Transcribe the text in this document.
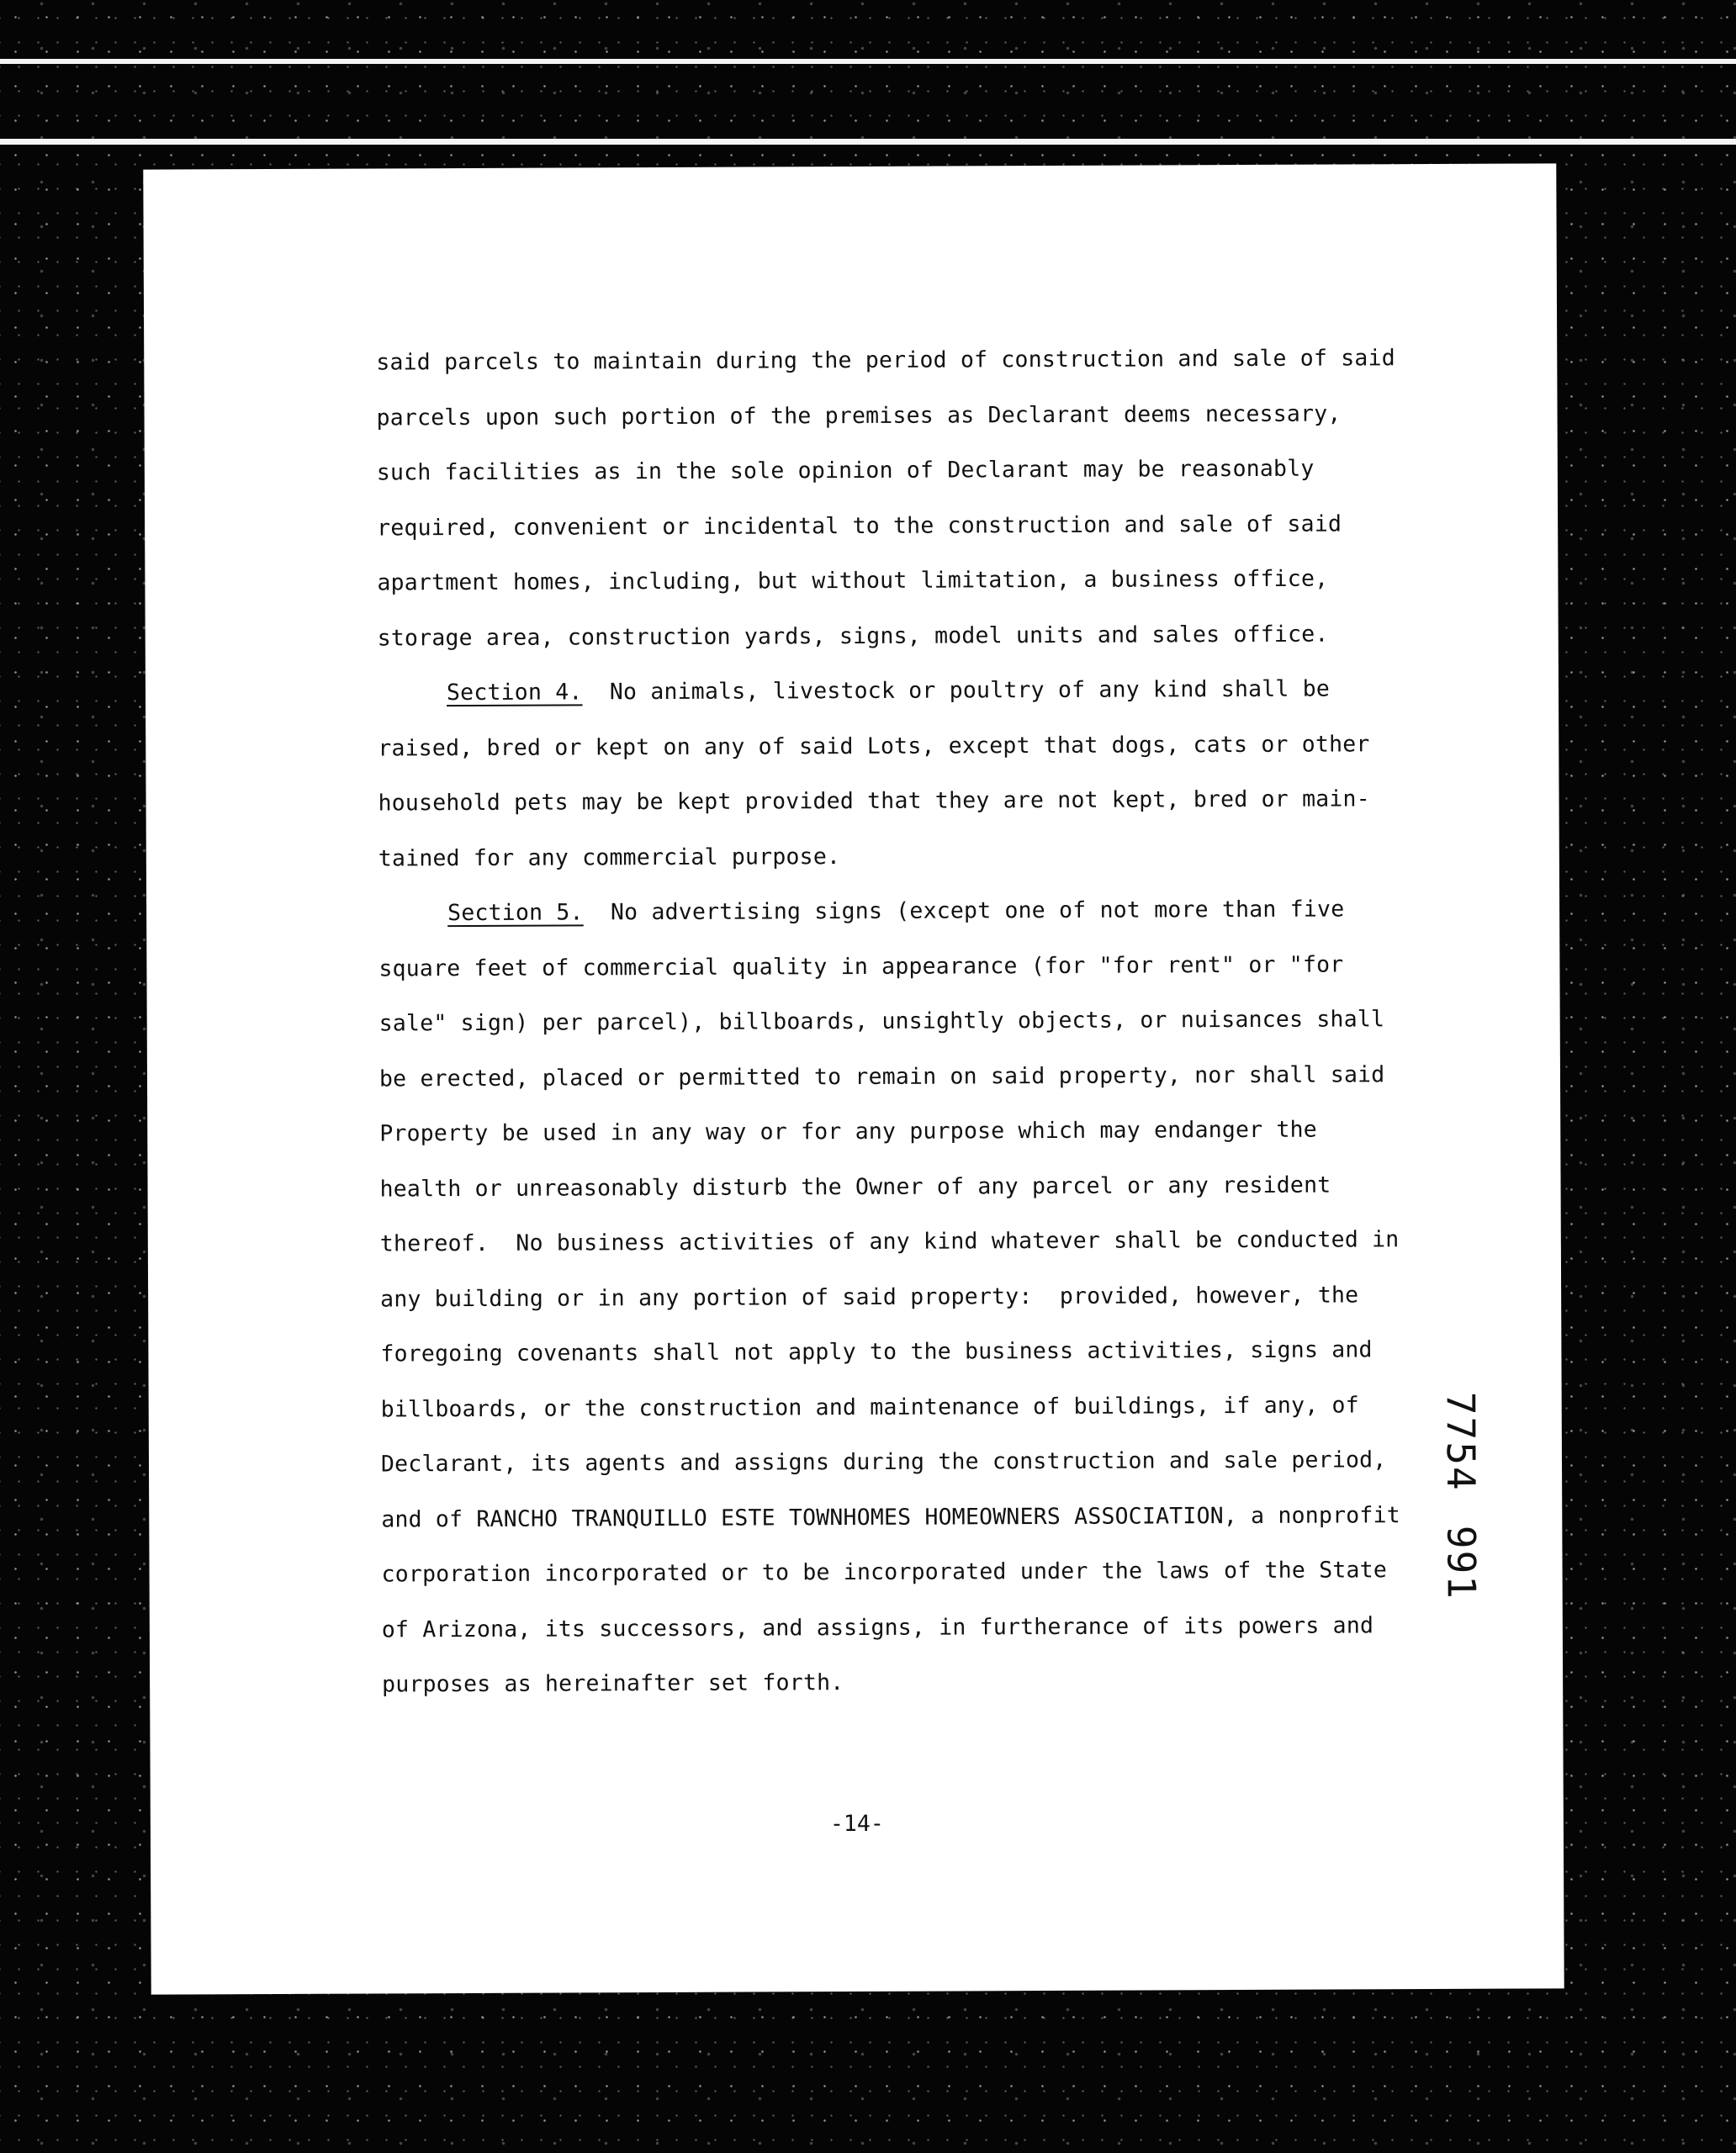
said parcels to maintain during the period of construction and sale of said
parcels upon such portion of the premises as Declarant deems necessary,
such facilities as in the sole opinion of Declarant may be reasonably
required, convenient or incidental to the construction and sale of said
apartment homes, including, but without limitation, a business office,
storage area, construction yards, signs, model units and sales office.
Section 4.  No animals, livestock or poultry of any kind shall be
raised, bred or kept on any of said Lots, except that dogs, cats or other
household pets may be kept provided that they are not kept, bred or main-
tained for any commercial purpose.
Section 5.  No advertising signs (except one of not more than five
square feet of commercial quality in appearance (for "for rent" or "for
sale" sign) per parcel), billboards, unsightly objects, or nuisances shall
be erected, placed or permitted to remain on said property, nor shall said
Property be used in any way or for any purpose which may endanger the
health or unreasonably disturb the Owner of any parcel or any resident
thereof.  No business activities of any kind whatever shall be conducted in
any building or in any portion of said property:  provided, however, the
foregoing covenants shall not apply to the business activities, signs and
billboards, or the construction and maintenance of buildings, if any, of
Declarant, its agents and assigns during the construction and sale period,
and of RANCHO TRANQUILLO ESTE TOWNHOMES HOMEOWNERS ASSOCIATION, a nonprofit
corporation incorporated or to be incorporated under the laws of the State
of Arizona, its successors, and assigns, in furtherance of its powers and
purposes as hereinafter set forth.
7754
991
-14-
